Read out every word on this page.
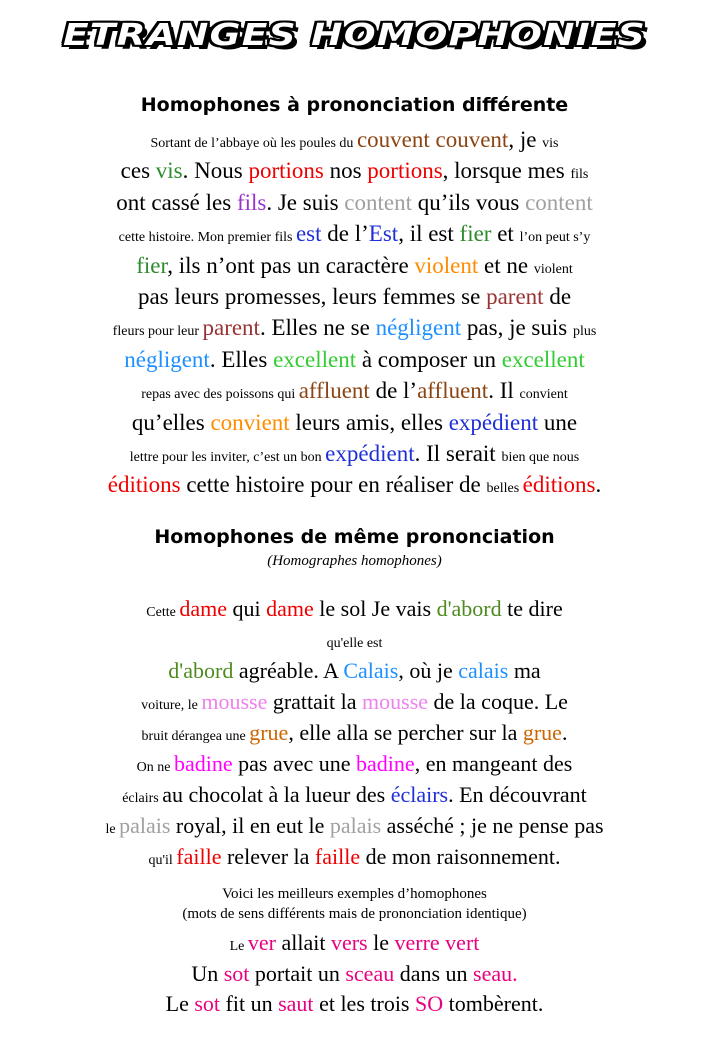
ETRANGES HOMOPHONIES
Homophones à prononciation différente
Sortant de l’abbaye où les poules du couvent couvent, je vis
ces vis. Nous portions nos portions, lorsque mes fils
ont cassé les fils. Je suis content qu’ils vous content
cette histoire. Mon premier fils est de l’Est, il est fier et l’on peut s’y
fier, ils n’ont pas un caractère violent et ne violent
pas leurs promesses, leurs femmes se parent de
fleurs pour leur parent. Elles ne se négligent pas, je suis plus
négligent. Elles excellent à composer un excellent
repas avec des poissons qui affluent de l’affluent. Il convient
qu’elles convient leurs amis, elles expédient une
lettre pour les inviter, c’est un bon expédient. Il serait bien que nous
éditions cette histoire pour en réaliser de belles éditions.
Homophones de même prononciation
(Homographes homophones)
Cette dame qui dame le sol Je vais d'abord te dire
qu'elle est
d'abord agréable. A Calais, où je calais ma
voiture, le mousse grattait la mousse de la coque. Le
bruit dérangea une grue, elle alla se percher sur la grue.
On ne badine pas avec une badine, en mangeant des
éclairs au chocolat à la lueur des éclairs. En découvrant
le palais royal, il en eut le palais asséché ; je ne pense pas
qu'il faille relever la faille de mon raisonnement.
Voici les meilleurs exemples d’homophones
(mots de sens différents mais de prononciation identique)
Le ver allait vers le verre vert
Un sot portait un sceau dans un seau.
Le sot fit un saut et les trois SO tombèrent.
